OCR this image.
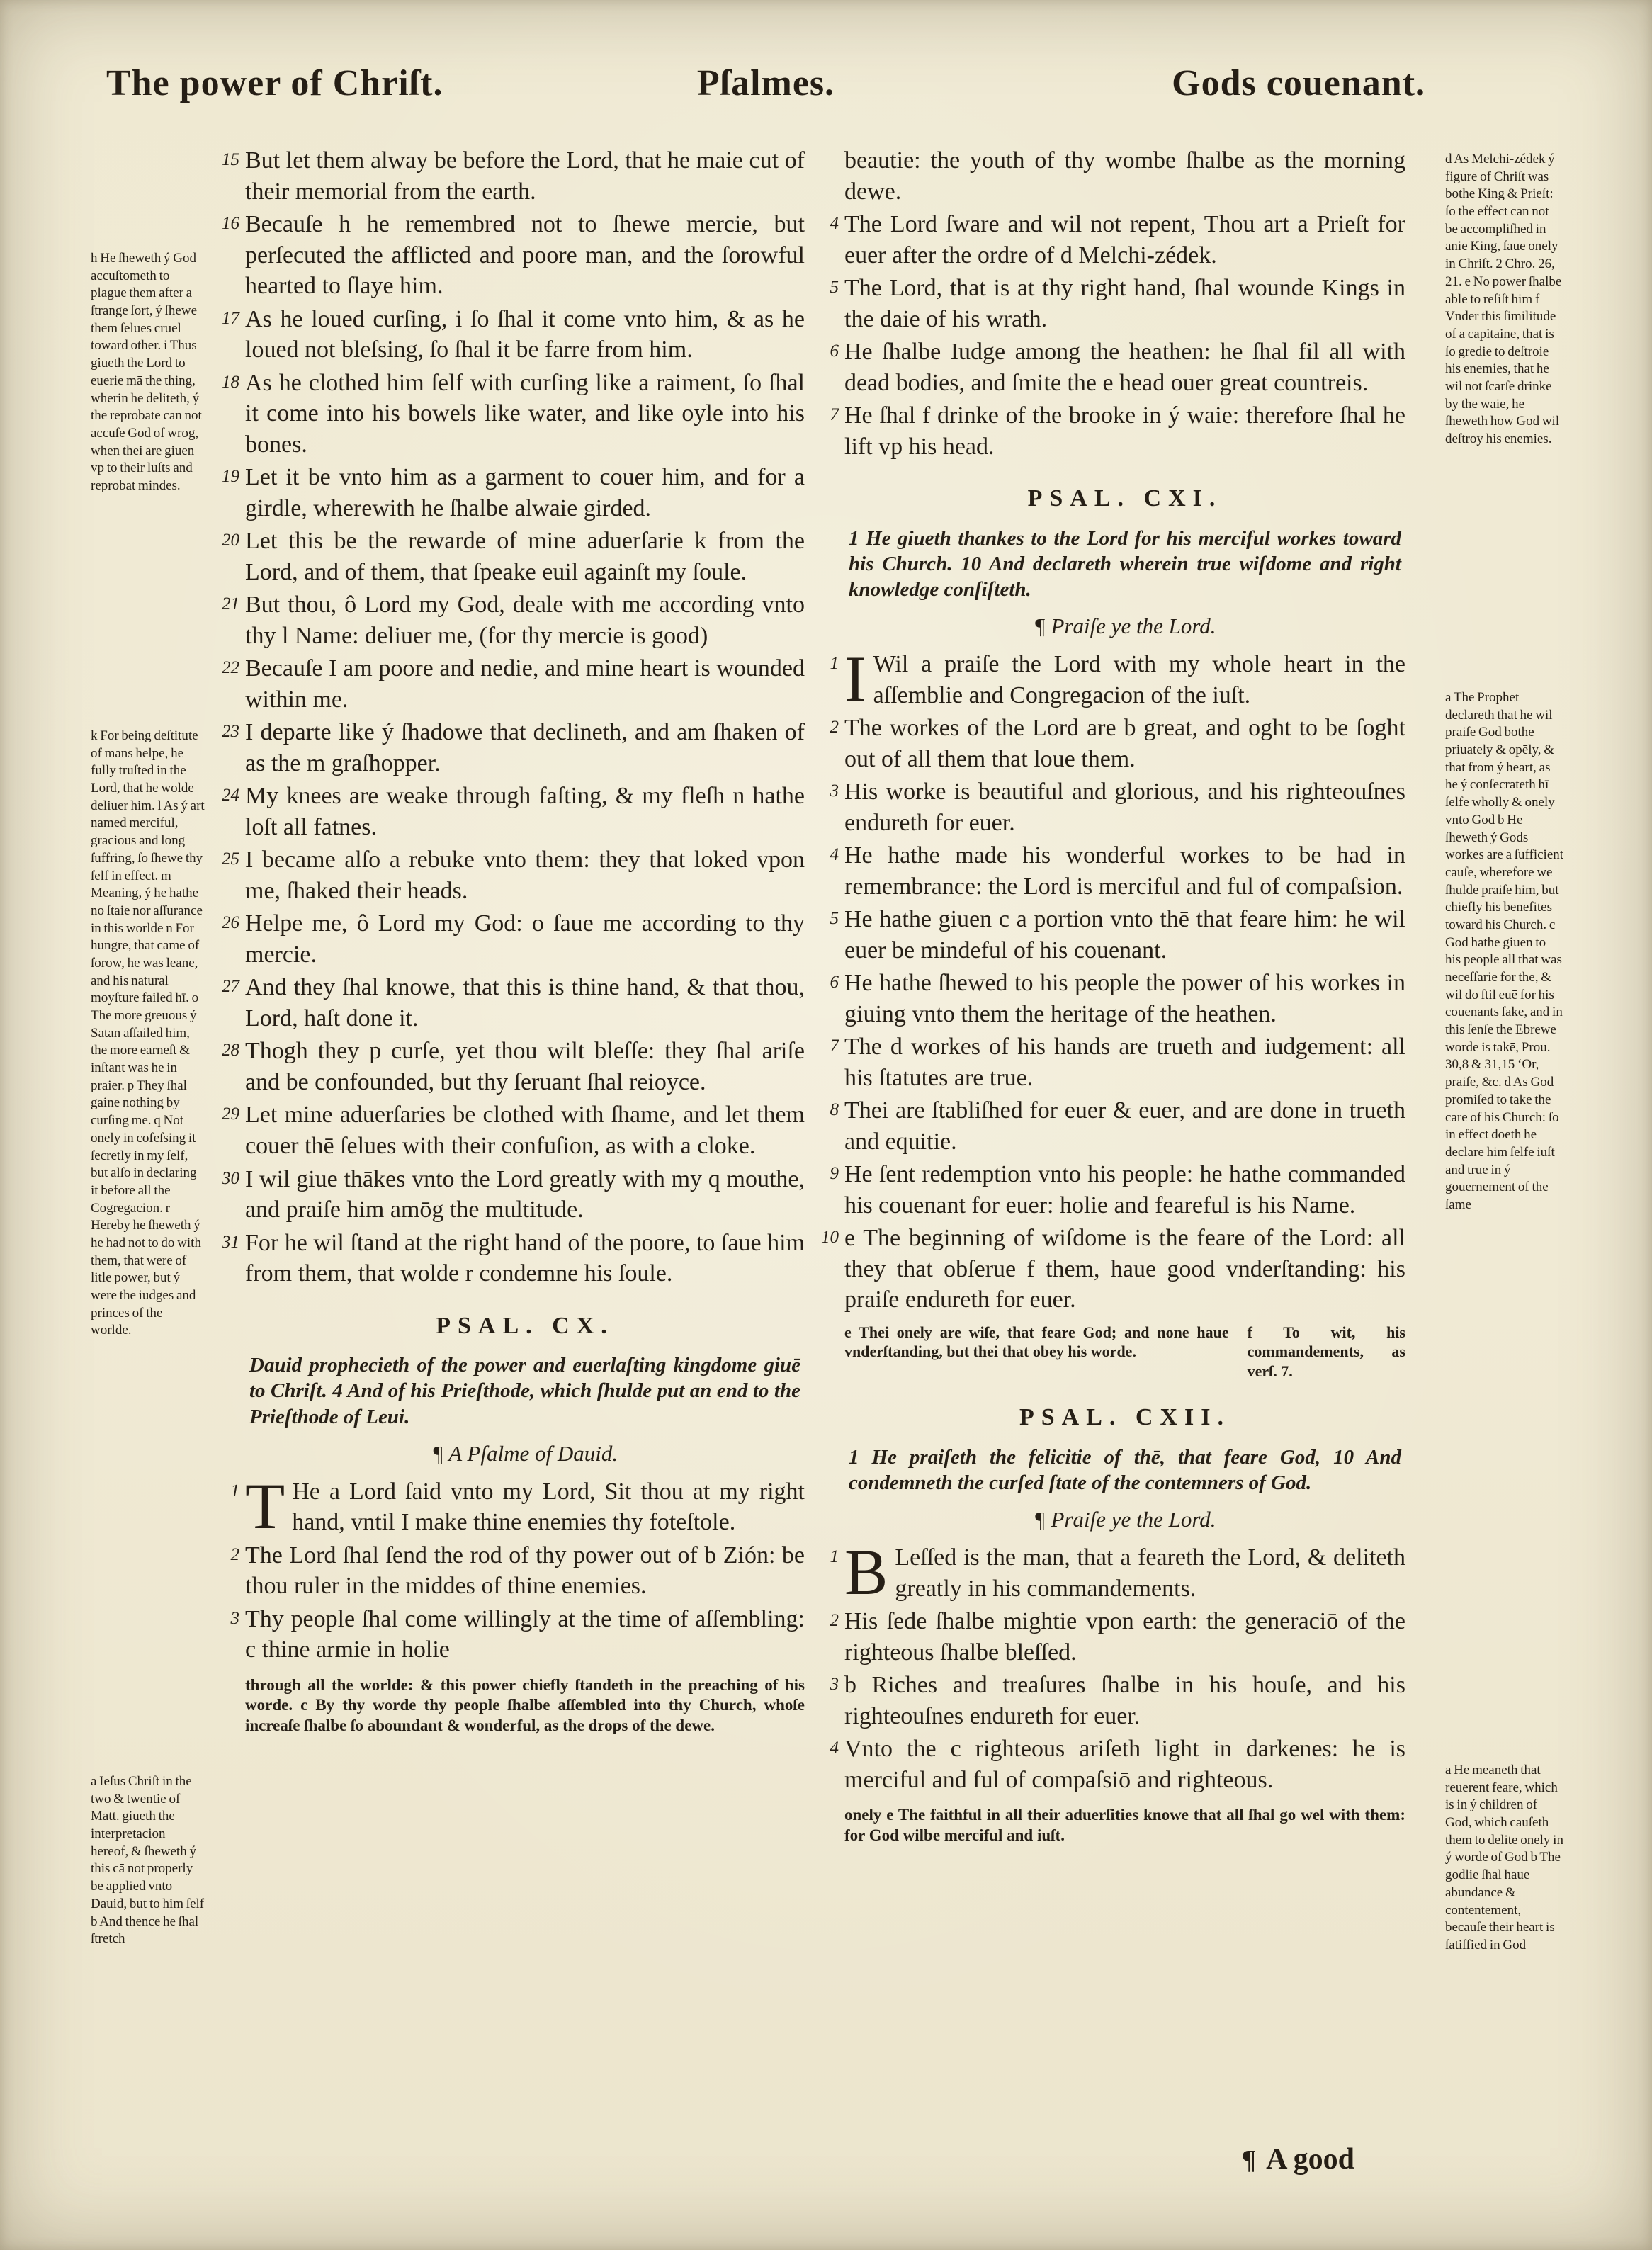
The power of Chriſt.	Pſalmes.	Gods couenant.
h He ſheweth ý God accuſtometh to plague them after a ſtrange ſort, ý ſhewe them ſelues cruel toward other. i Thus giueth the Lord to euerie mā the thing, wherin he deliteth, ý the reprobate can not accuſe God of wrōg, when thei are giuen vp to their luſts and reprobat mindes.
k For being deſtitute of mans helpe, he fully truſted in the Lord, that he wolde deliuer him. l As ý art named merciful, gracious and long ſuffring, ſo ſhewe thy ſelf in effect. m Meaning, ý he hathe no ſtaie nor aſſurance in this worlde n For hungre, that came of ſorow, he was leane, and his natural moyſture failed hī. o The more greuous ý Satan aſſailed him, the more earneſt & inſtant was he in praier. p They ſhal gaine nothing by curſing me. q Not onely in cōfeſsing it ſecretly in my ſelf, but alſo in declaring it before all the Cōgregacion. r Hereby he ſheweth ý he had not to do with them, that were of litle power, but ý were the iudges and princes of the worlde.
a Ieſus Chriſt in the two & twentie of Matt. giueth the interpretacion hereof, & ſheweth ý this cā not properly be applied vnto Dauid, but to him ſelf b And thence he ſhal ſtretch

15 But let them alway be before the Lord, that he maie cut of their memorial from the earth.

16 Becauſe h he remembred not to ſhewe mercie, but perſecuted the afflicted and poore man, and the ſorowful hearted to ſlaye him.

17 As he loued curſing, i ſo ſhal it come vnto him, & as he loued not bleſsing, ſo ſhal it be farre from him.

18 As he clothed him ſelf with curſing like a raiment, ſo ſhal it come into his bowels like water, and like oyle into his bones.

19 Let it be vnto him as a garment to couer him, and for a girdle, wherewith he ſhalbe alwaie girded.

20 Let this be the rewarde of mine aduerſarie k from the Lord, and of them, that ſpeake euil againſt my ſoule.

21 But thou, ô Lord my God, deale with me according vnto thy l Name: deliuer me, (for thy mercie is good)

22 Becauſe I am poore and nedie, and mine heart is wounded within me.

23 I departe like ý ſhadowe that declineth, and am ſhaken of as the m graſhopper.

24 My knees are weake through faſting, & my fleſh n hathe loſt all fatnes.

25 I became alſo a rebuke vnto them: they that loked vpon me, ſhaked their heads.

26 Helpe me, ô Lord my God: o ſaue me according to thy mercie.

27 And they ſhal knowe, that this is thine hand, & that thou, Lord, haſt done it.

28 Thogh they p curſe, yet thou wilt bleſſe: they ſhal ariſe and be confounded, but thy ſeruant ſhal reioyce.

29 Let mine aduerſaries be clothed with ſhame, and let them couer thē ſelues with their confuſion, as with a cloke.

30 I wil giue thākes vnto the Lord greatly with my q mouthe, and praiſe him amōg the multitude.

31 For he wil ſtand at the right hand of the poore, to ſaue him from them, that wolde r condemne his ſoule.

PSAL. CX.

Dauid prophecieth of the power and euerlaſting kingdome giuē to Chriſt. 4 And of his Prieſthode, which ſhulde put an end to the Prieſthode of Leui.

¶ A Pſalme of Dauid.

1 T He a Lord ſaid vnto my Lord, Sit thou at my right hand, vntil I make thine enemies thy foteſtole.

2 The Lord ſhal ſend the rod of thy power out of b Zión: be thou ruler in the middes of thine enemies.

3 Thy people ſhal come willingly at the time of aſſembling: c thine armie in holie

through all the worlde: & this power chiefly ſtandeth in the preaching of his worde. c By thy worde thy people ſhalbe aſſembled into thy Church, whoſe increaſe ſhalbe ſo aboundant & wonderful, as the drops of the dewe.

beautie: the youth of thy wombe ſhalbe as the morning dewe.

4 The Lord ſware and wil not repent, Thou art a Prieſt for euer after the ordre of d Melchi-zédek.

5 The Lord, that is at thy right hand, ſhal wounde Kings in the daie of his wrath.

6 He ſhalbe Iudge among the heathen: he ſhal fil all with dead bodies, and ſmite the e head ouer great countreis.

7 He ſhal f drinke of the brooke in ý waie: therefore ſhal he lift vp his head.

PSAL. CXI.

1 He giueth thankes to the Lord for his merciful workes toward his Church. 10 And declareth wherein true wiſdome and right knowledge conſiſteth.

¶ Praiſe ye the Lord.

1 I Wil a praiſe the Lord with my whole heart in the aſſemblie and Congregacion of the iuſt.

2 The workes of the Lord are b great, and oght to be ſoght out of all them that loue them.

3 His worke is beautiful and glorious, and his righteouſnes endureth for euer.

4 He hathe made his wonderful workes to be had in remembrance: the Lord is merciful and ful of compaſsion.

5 He hathe giuen c a portion vnto thē that feare him: he wil euer be mindeful of his couenant.

6 He hathe ſhewed to his people the power of his workes in giuing vnto them the heritage of the heathen.

7 The d workes of his hands are trueth and iudgement: all his ſtatutes are true.

8 Thei are ſtabliſhed for euer & euer, and are done in trueth and equitie.

9 He ſent redemption vnto his people: he hathe commanded his couenant for euer: holie and feareful is his Name.

10 e The beginning of wiſdome is the feare of the Lord: all they that obſerue f them, haue good vnderſtanding: his praiſe endureth for euer.

e Thei onely are wiſe, that feare God; and none haue vnderſtanding, but thei that obey his worde.
f To wit, his commandements, as verſ. 7.
PSAL. CXII.

1 He praiſeth the felicitie of thē, that feare God, 10 And condemneth the curſed ſtate of the contemners of God.

¶ Praiſe ye the Lord.

1 B Leſſed is the man, that a feareth the Lord, & deliteth greatly in his commandements.

2 His ſede ſhalbe mightie vpon earth: the generaciō of the righteous ſhalbe bleſſed.

3 b Riches and treaſures ſhalbe in his houſe, and his righteouſnes endureth for euer.

4 Vnto the c righteous ariſeth light in darkenes: he is merciful and ful of compaſsiō and righteous.

onely e The faithful in all their aduerſities knowe that all ſhal go wel with them: for God wilbe merciful and iuſt.

d As Melchi-zédek ý figure of Chriſt was bothe King & Prieſt: ſo the effect can not be accompliſhed in anie King, ſaue onely in Chriſt. 2 Chro. 26, 21. e No power ſhalbe able to reſiſt him f Vnder this ſimilitude of a capitaine, that is ſo gredie to deſtroie his enemies, that he wil not ſcarſe drinke by the waie, he ſheweth how God wil deſtroy his enemies.
a The Prophet declareth that he wil praiſe God bothe priuately & opēly, & that from ý heart, as he ý conſecrateth hī ſelfe wholly & onely vnto God b He ſheweth ý Gods workes are a ſufficient cauſe, wherefore we ſhulde praiſe him, but chiefly his benefites toward his Church. c God hathe giuen to his people all that was neceſſarie for thē, & wil do ſtil euē for his couenants ſake, and in this ſenſe the Ebrewe worde is takē, Prou. 30,8 & 31,15 ‘Or, praiſe, &c. d As God promiſed to take the care of his Church: ſo in effect doeth he declare him ſelfe iuſt and true in ý gouernement of the ſame
a He meaneth that reuerent feare, which is in ý children of God, which cauſeth them to delite onely in ý worde of God b The godlie ſhal haue abundance & contentement, becauſe their heart is ſatiſfied in God
¶ A good
